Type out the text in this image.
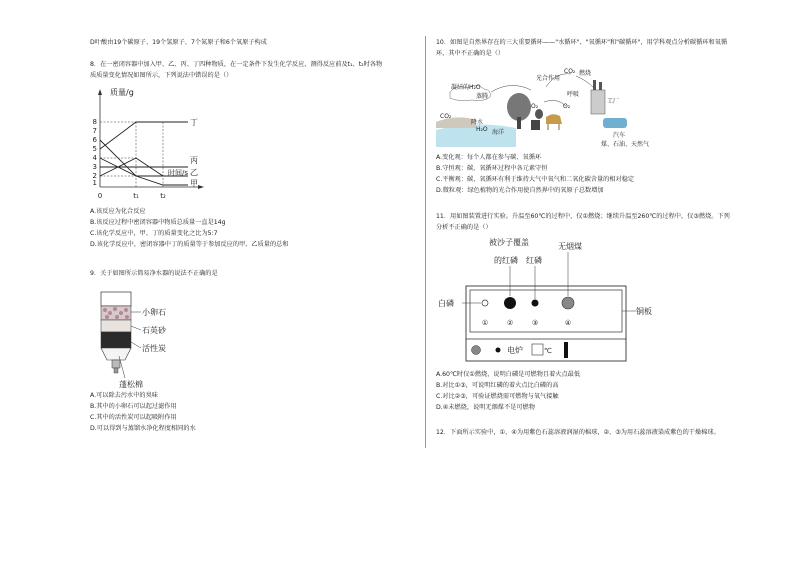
D叶酸由19个碳原子、19个氢原子、7个氮原子和6个氧原子构成
8．在一密闭容器中加入甲、乙、丙、丁四种物质，在一定条件下发生化学反应，测得反应前及t₁、t₂时各物
质质量变化情况如图所示，下列说法中错误的是（）
质量/g
时间/s
8
7
6
5
4
3
2
1
丁
丙
乙
甲
0	t₁	t₂
A.该反应为化合反应
B.该反应过程中密闭容器中物质总质量一直是14g
C.该化学反应中，甲、丁的质量变化之比为5:7
D.该化学反应中，密闭容器中丁的质量等于参加反应的甲、乙质量的总和
9．关于如图所示简易净水器的说法不正确的是
小卵石
石英砂
活性炭
蓬松棉
A.可以除去污水中的臭味
B.其中的小卵石可以起过滤作用
C.其中的活性炭可以起吸附作用
D.可以得到与蒸馏水净化程度相同的水
10．如图是自然界存在的三大重要循环——"水循环"、"氧循环"和"碳循环"，用学科观点分析碳循环和氧循
环，其中不正确的是（）
凝结的H₂O
蒸腾
降水
光合作用
CO₂ 燃烧
呼吸
O₂
工厂
汽车
煤、石油、天然气
海洋
H₂O
CO₂
O₂
A.变化观：每个人都在参与碳、氧循环
B.守恒观：碳、氧循环过程中各元素守恒
C.平衡观：碳、氧循环有利于维持大气中氧气和二氧化碳含量的相对稳定
D.微粒观：绿色植物的光合作用使自然界中的氧原子总数增加
11．用如图装置进行实验。升温至60℃的过程中，仅①燃烧；继续升温至260℃的过程中，仅③燃烧。下列
分析不正确的是（）
被沙子覆盖
的红磷 红磷
无烟煤
白磷
铜板
①	②	③	④
电炉	℃
A.60℃时仅①燃烧，说明白磷是可燃物且着火点最低
B.对比①③，可说明红磷的着火点比白磷的高
C.对比②③，可验证燃烧需可燃物与氧气接触
D.④未燃烧，说明无烟煤不是可燃物
12．下面所示实验中，①、④为用紫色石蕊溶液润湿的棉球，②、③为用石蕊溶液染成紫色的干燥棉球。
